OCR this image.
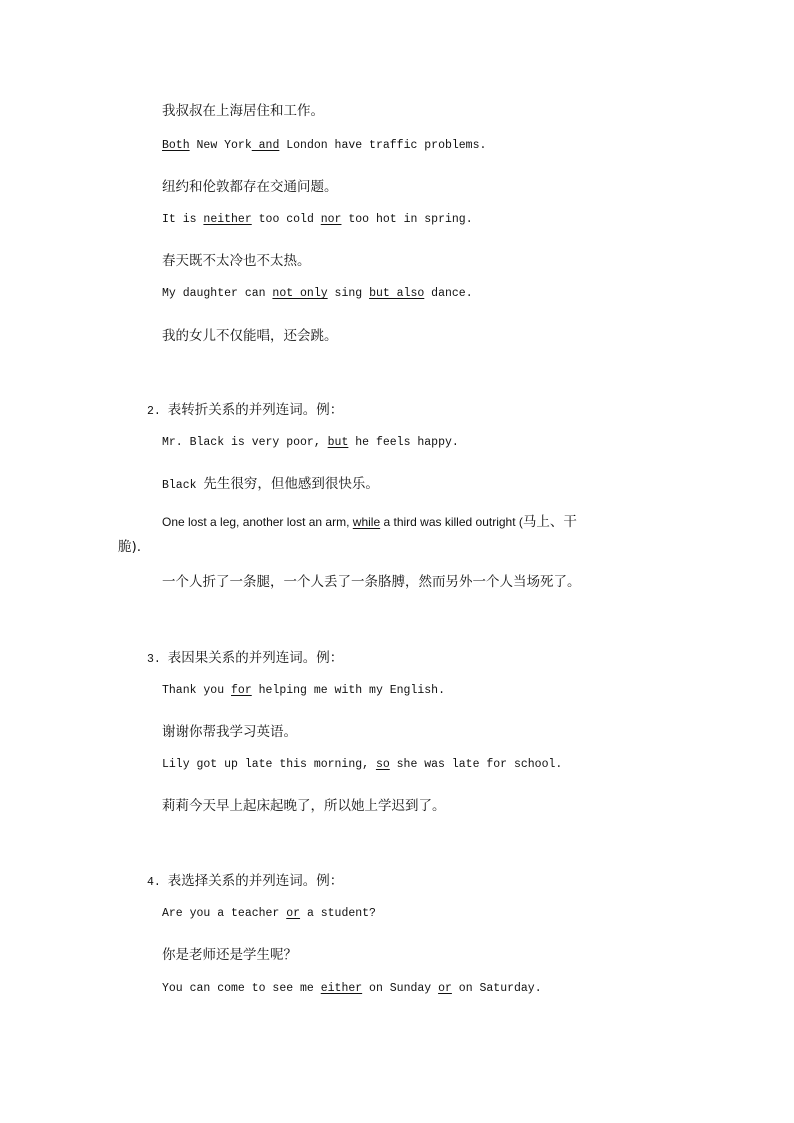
我叔叔在上海居住和工作。
Both New York and London have traffic problems.
纽约和伦敦都存在交通问题。
It is neither too cold nor too hot in spring.
春天既不太冷也不太热。
My daughter can not only sing but also dance.
我的女儿不仅能唱，还会跳。
2. 表转折关系的并列连词。例：
Mr. Black is very poor, but he feels happy.
Black 先生很穷，但他感到很快乐。
One lost a leg, another lost an arm, while a third was killed outright (马上、干
脆).
一个人折了一条腿，一个人丢了一条胳膊，然而另外一个人当场死了。
3. 表因果关系的并列连词。例：
Thank you for helping me with my English.
谢谢你帮我学习英语。
Lily got up late this morning, so she was late for school.
莉莉今天早上起床起晚了，所以她上学迟到了。
4. 表选择关系的并列连词。例：
Are you a teacher or a student?
你是老师还是学生呢？
You can come to see me either on Sunday or on Saturday.
